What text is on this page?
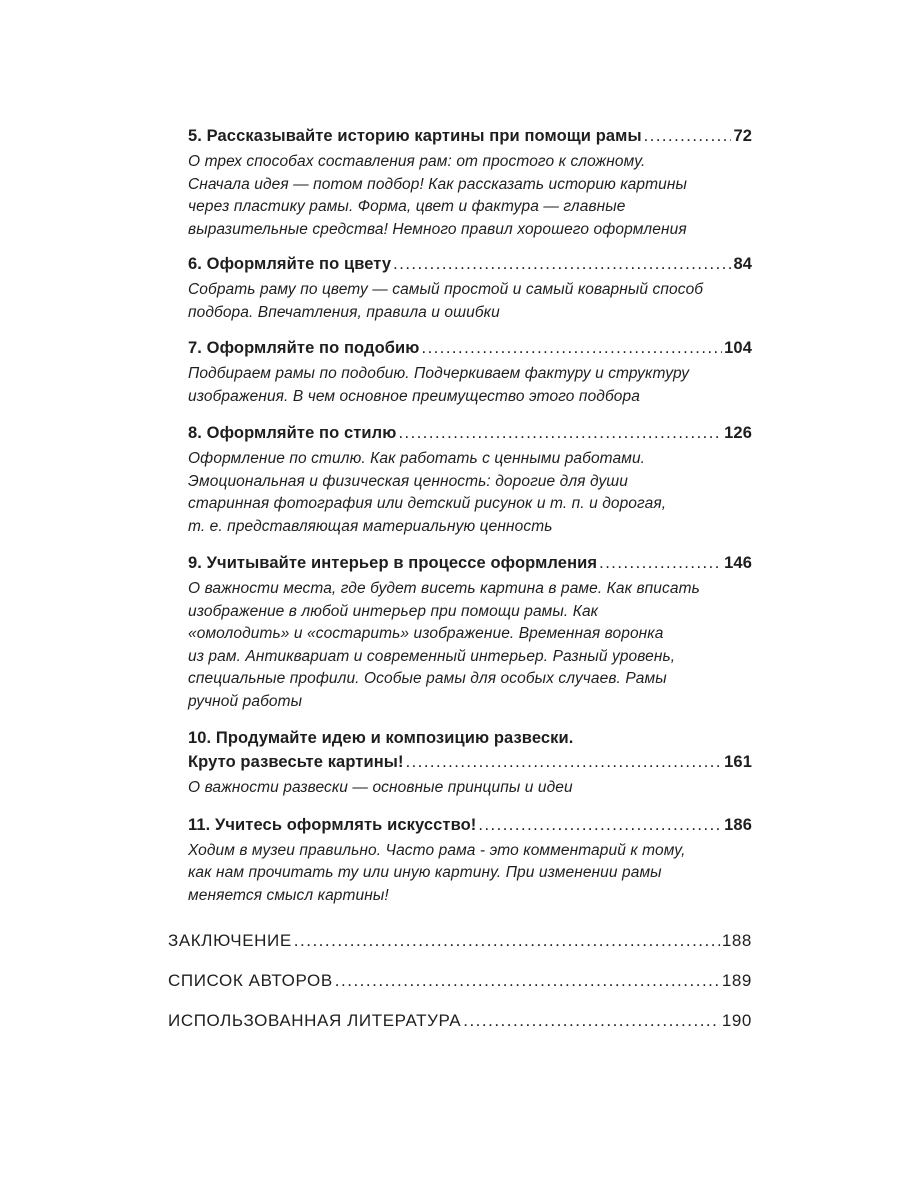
5. Рассказывайте историю картины при помощи рамы .....	72
О трех способах составления рам: от простого к сложному.
Сначала идея — потом подбор! Как рассказать историю картины
через пластику рамы. Форма, цвет и фактура — главные
выразительные средства! Немного правил хорошего оформления
6. Оформляйте по цвету .....	84
Собрать раму по цвету — самый простой и самый коварный способ
подбора. Впечатления, правила и ошибки
7. Оформляйте по подобию .....	104
Подбираем рамы по подобию. Подчеркиваем фактуру и структуру
изображения. В чем основное преимущество этого подбора
8. Оформляйте по стилю .....	126
Оформление по стилю. Как работать с ценными работами.
Эмоциональная и физическая ценность: дорогие для души
старинная фотография или детский рисунок и т. п. и дорогая,
т. е. представляющая материальную ценность
9. Учитывайте интерьер в процессе оформления .....	146
О важности места, где будет висеть картина в раме. Как вписать
изображение в любой интерьер при помощи рамы. Как
«омолодить» и «состарить» изображение. Временная воронка
из рам. Антиквариат и современный интерьер. Разный уровень,
специальные профили. Особые рамы для особых случаев. Рамы
ручной работы
10. Продумайте идею и композицию развески.
Круто развесьте картины! .....	161
О важности развески — основные принципы и идеи
11. Учитесь оформлять искусство! .....	186
Ходим в музеи правильно. Часто рама - это комментарий к тому,
как нам прочитать ту или иную картину. При изменении рамы
меняется смысл картины!
ЗАКЛЮЧЕНИЕ .....	188
СПИСОК АВТОРОВ .....	189
ИСПОЛЬЗОВАННАЯ ЛИТЕРАТУРА .....	190
